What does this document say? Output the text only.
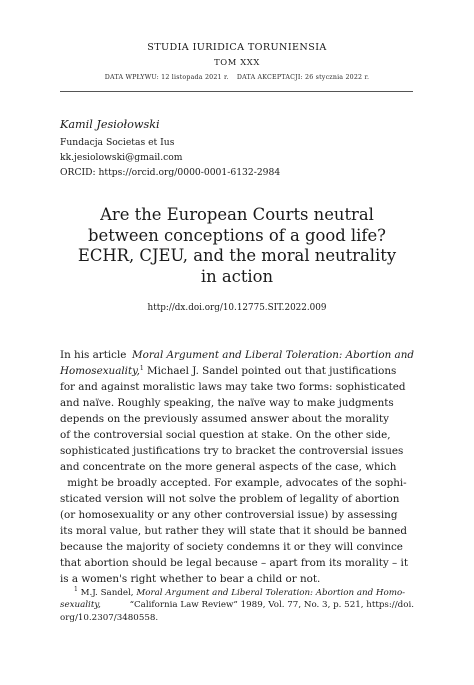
STUDIA IURIDICA TORUNIENSIA
TOM XXX
DATA WPŁYWU: 12 listopada 2021 r. DATA AKCEPTACJI: 26 stycznia 2022 r.
Kamil Jesiołowski
Fundacja Societas et Ius
kk.jesiolowski@gmail.com
ORCID: https://orcid.org/0000-0001-6132-2984
Are the European Courts neutral
between conceptions of a good life?
ECHR, CJEU, and the moral neutrality
in action
http://dx.doi.org/10.12775.SIT.2022.009
In his article Moral Argument and Liberal Toleration: Abortion and
Homosexuality,$^1$ Michael J. Sandel pointed out that justifications
for and against moralistic laws may take two forms: sophisticated
and naïve. Roughly speaking, the naïve way to make judgments
depends on the previously assumed answer about the morality
of the controversial social question at stake. On the other side,
sophisticated justifications try to bracket the controversial issues
and concentrate on the more general aspects of the case, which
might be broadly accepted. For example, advocates of the sophi-
sticated version will not solve the problem of legality of abortion
(or homosexuality or any other controversial issue) by assessing
its moral value, but rather they will state that it should be banned
because the majority of society condemns it or they will convince
that abortion should be legal because – apart from its morality – it
is a women's right whether to bear a child or not.
$^1$ M.J. Sandel, Moral Argument and Liberal Toleration: Abortion and Homo-
sexuality,	“California Law Review” 1989, Vol. 77, No. 3, p. 521, https://doi.
org/10.2307/3480558.
